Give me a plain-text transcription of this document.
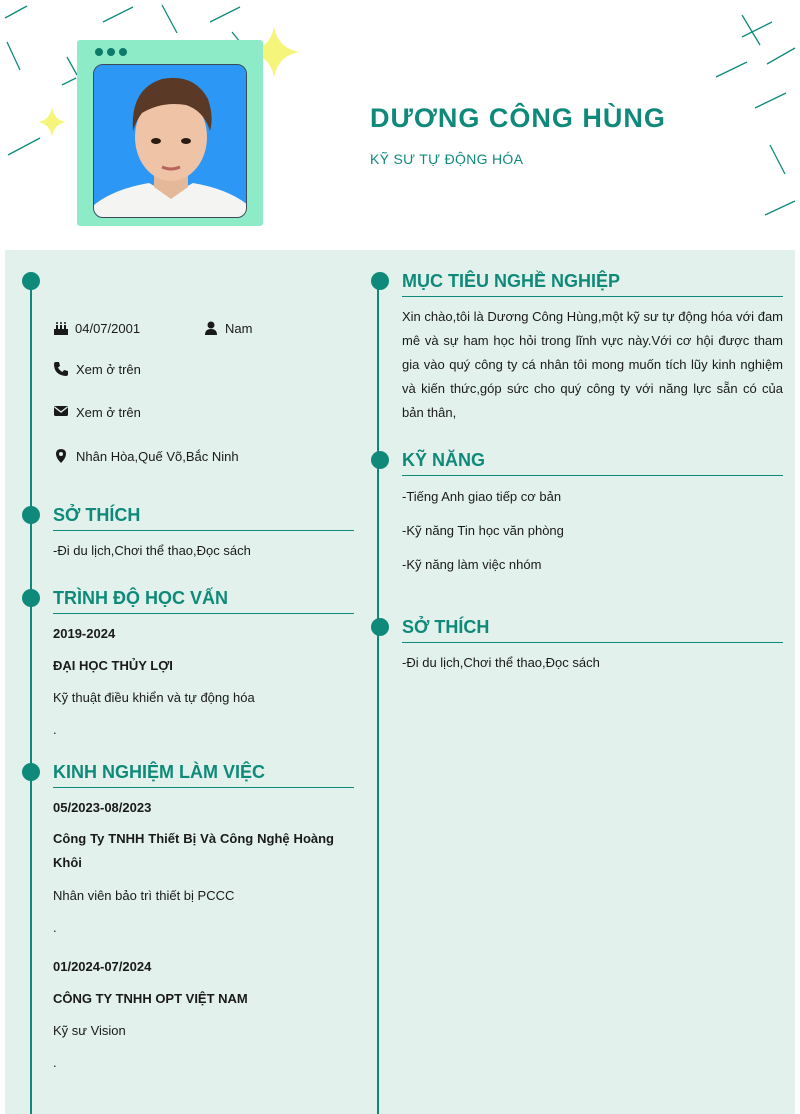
DƯƠNG CÔNG HÙNG
KỸ SƯ TỰ ĐỘNG HÓA
04/07/2001	Nam
Xem ở trên
Xem ở trên
Nhân Hòa,Quế Võ,Bắc Ninh
SỞ THÍCH
-Đi du lịch,Chơi thể thao,Đọc sách
TRÌNH ĐỘ HỌC VẤN
2019-2024
ĐẠI HỌC THỦY LỢI
Kỹ thuật điều khiển và tự động hóa
.
KINH NGHIỆM LÀM VIỆC
05/2023-08/2023
Công Ty TNHH Thiết Bị Và Công Nghệ Hoàng Khôi
Nhân viên bảo trì thiết bị PCCC
.
01/2024-07/2024
CÔNG TY TNHH OPT VIỆT NAM
Kỹ sư Vision
.
MỤC TIÊU NGHỀ NGHIỆP
Xin chào,tôi là Dương Công Hùng,một kỹ sư tự động hóa với đam mê và sự ham học hỏi trong lĩnh vực này.Với cơ hội được tham gia vào quý công ty cá nhân tôi mong muốn tích lũy kinh nghiệm và kiến thức,góp sức cho quý công ty với năng lực sẵn có của bản thân,
KỸ NĂNG
-Tiếng Anh giao tiếp cơ bản
-Kỹ năng Tin học văn phòng
-Kỹ năng làm việc nhóm
SỞ THÍCH
-Đi du lịch,Chơi thể thao,Đọc sách
